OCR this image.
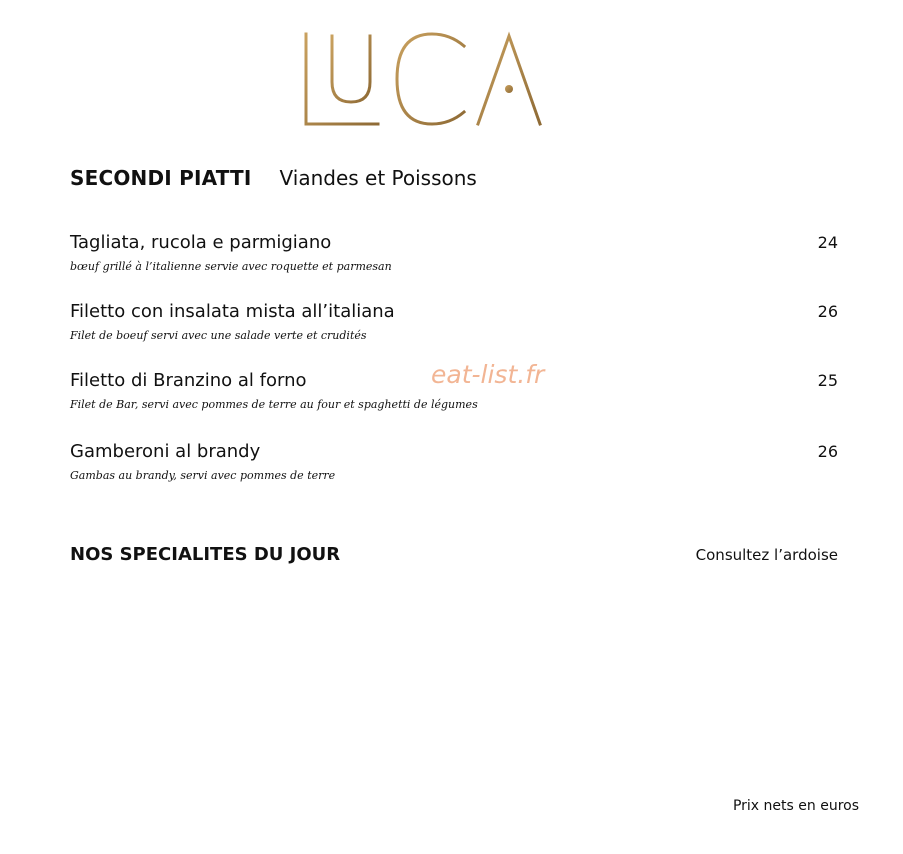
SECONDI PIATTI Viandes et Poissons
Tagliata, rucola e parmigiano	24
bœuf grillé à l’italienne servie avec roquette et parmesan
Filetto con insalata mista all’italiana	26
Filet de boeuf servi avec une salade verte et crudités
Filetto di Branzino al forno	25
Filet de Bar, servi avec pommes de terre au four et spaghetti de légumes
Gamberoni al brandy	26
Gambas au brandy, servi avec pommes de terre
eat-list.fr
NOS SPECIALITES DU JOUR	Consultez l’ardoise
Prix nets en euros
